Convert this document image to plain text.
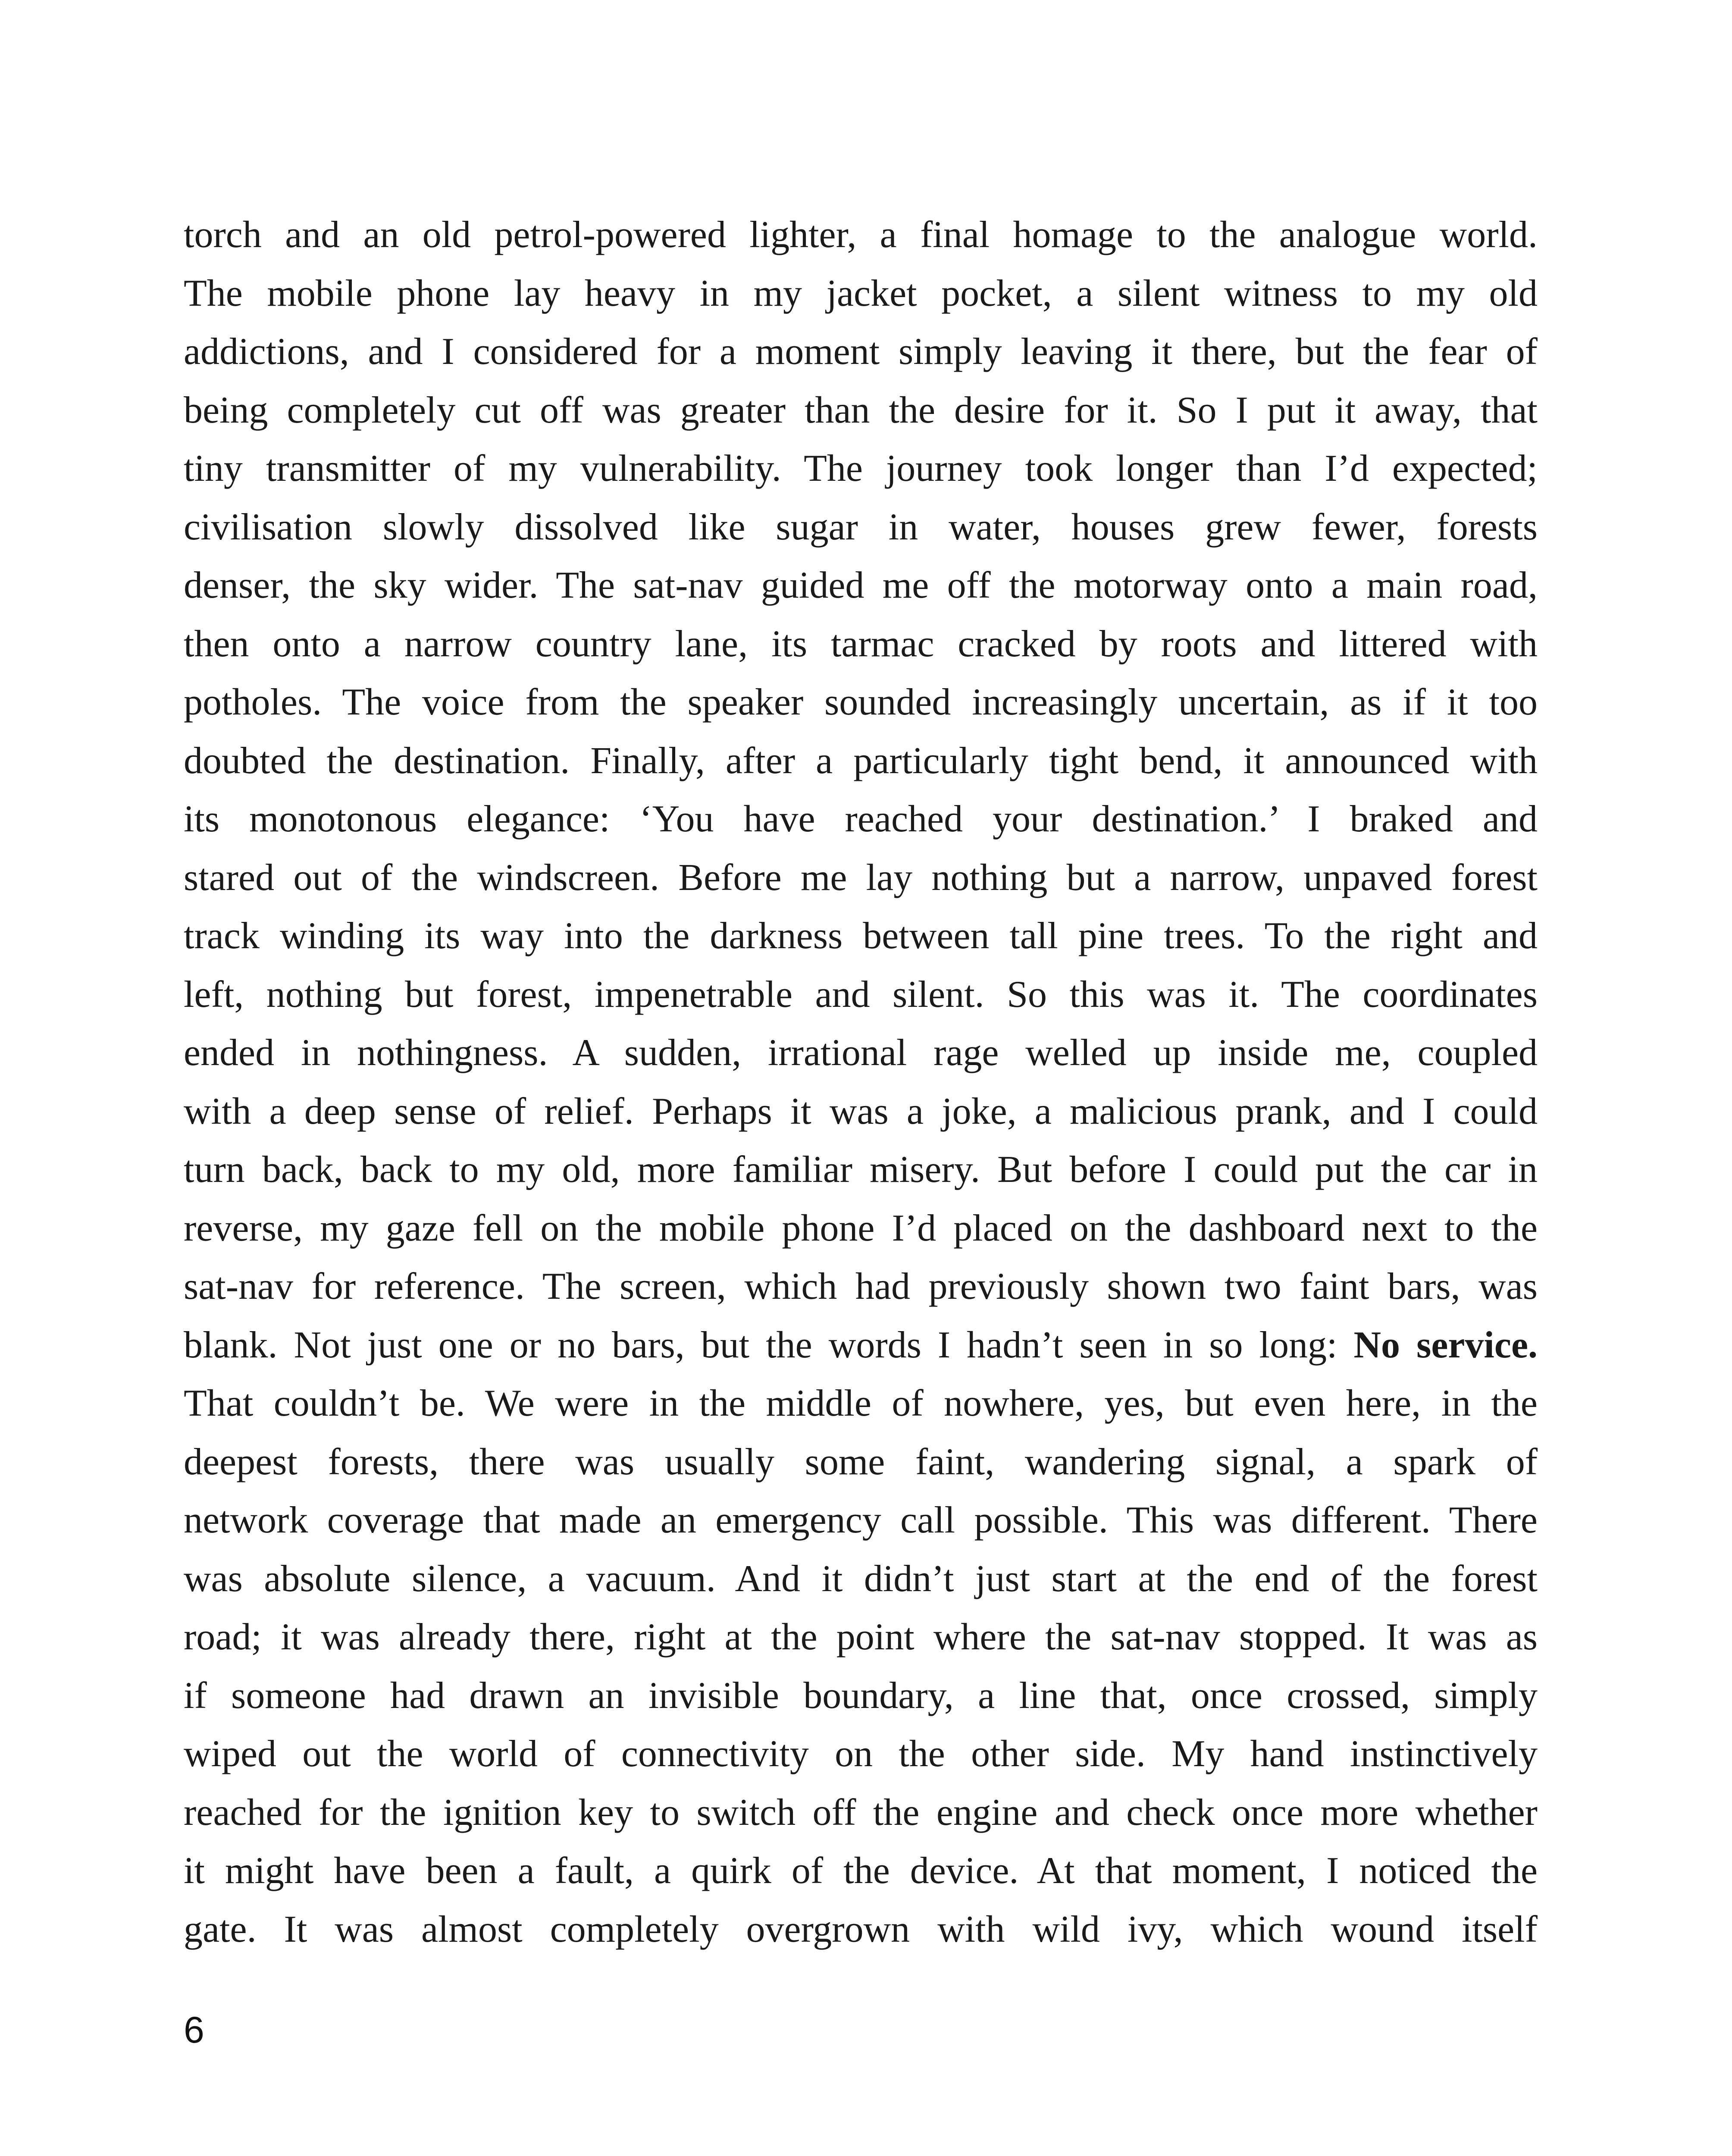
torch and an old petrol-powered lighter, a final homage to the analogue world.
The mobile phone lay heavy in my jacket pocket, a silent witness to my old
addictions, and I considered for a moment simply leaving it there, but the fear of
being completely cut off was greater than the desire for it. So I put it away, that
tiny transmitter of my vulnerability. The journey took longer than I’d expected;
civilisation slowly dissolved like sugar in water, houses grew fewer, forests
denser, the sky wider. The sat-nav guided me off the motorway onto a main road,
then onto a narrow country lane, its tarmac cracked by roots and littered with
potholes. The voice from the speaker sounded increasingly uncertain, as if it too
doubted the destination. Finally, after a particularly tight bend, it announced with
its monotonous elegance: ‘You have reached your destination.’ I braked and
stared out of the windscreen. Before me lay nothing but a narrow, unpaved forest
track winding its way into the darkness between tall pine trees. To the right and
left, nothing but forest, impenetrable and silent. So this was it. The coordinates
ended in nothingness. A sudden, irrational rage welled up inside me, coupled
with a deep sense of relief. Perhaps it was a joke, a malicious prank, and I could
turn back, back to my old, more familiar misery. But before I could put the car in
reverse, my gaze fell on the mobile phone I’d placed on the dashboard next to the
sat-nav for reference. The screen, which had previously shown two faint bars, was
blank. Not just one or no bars, but the words I hadn’t seen in so long: No service.
That couldn’t be. We were in the middle of nowhere, yes, but even here, in the
deepest forests, there was usually some faint, wandering signal, a spark of
network coverage that made an emergency call possible. This was different. There
was absolute silence, a vacuum. And it didn’t just start at the end of the forest
road; it was already there, right at the point where the sat-nav stopped. It was as
if someone had drawn an invisible boundary, a line that, once crossed, simply
wiped out the world of connectivity on the other side. My hand instinctively
reached for the ignition key to switch off the engine and check once more whether
it might have been a fault, a quirk of the device. At that moment, I noticed the
gate. It was almost completely overgrown with wild ivy, which wound itself
6
